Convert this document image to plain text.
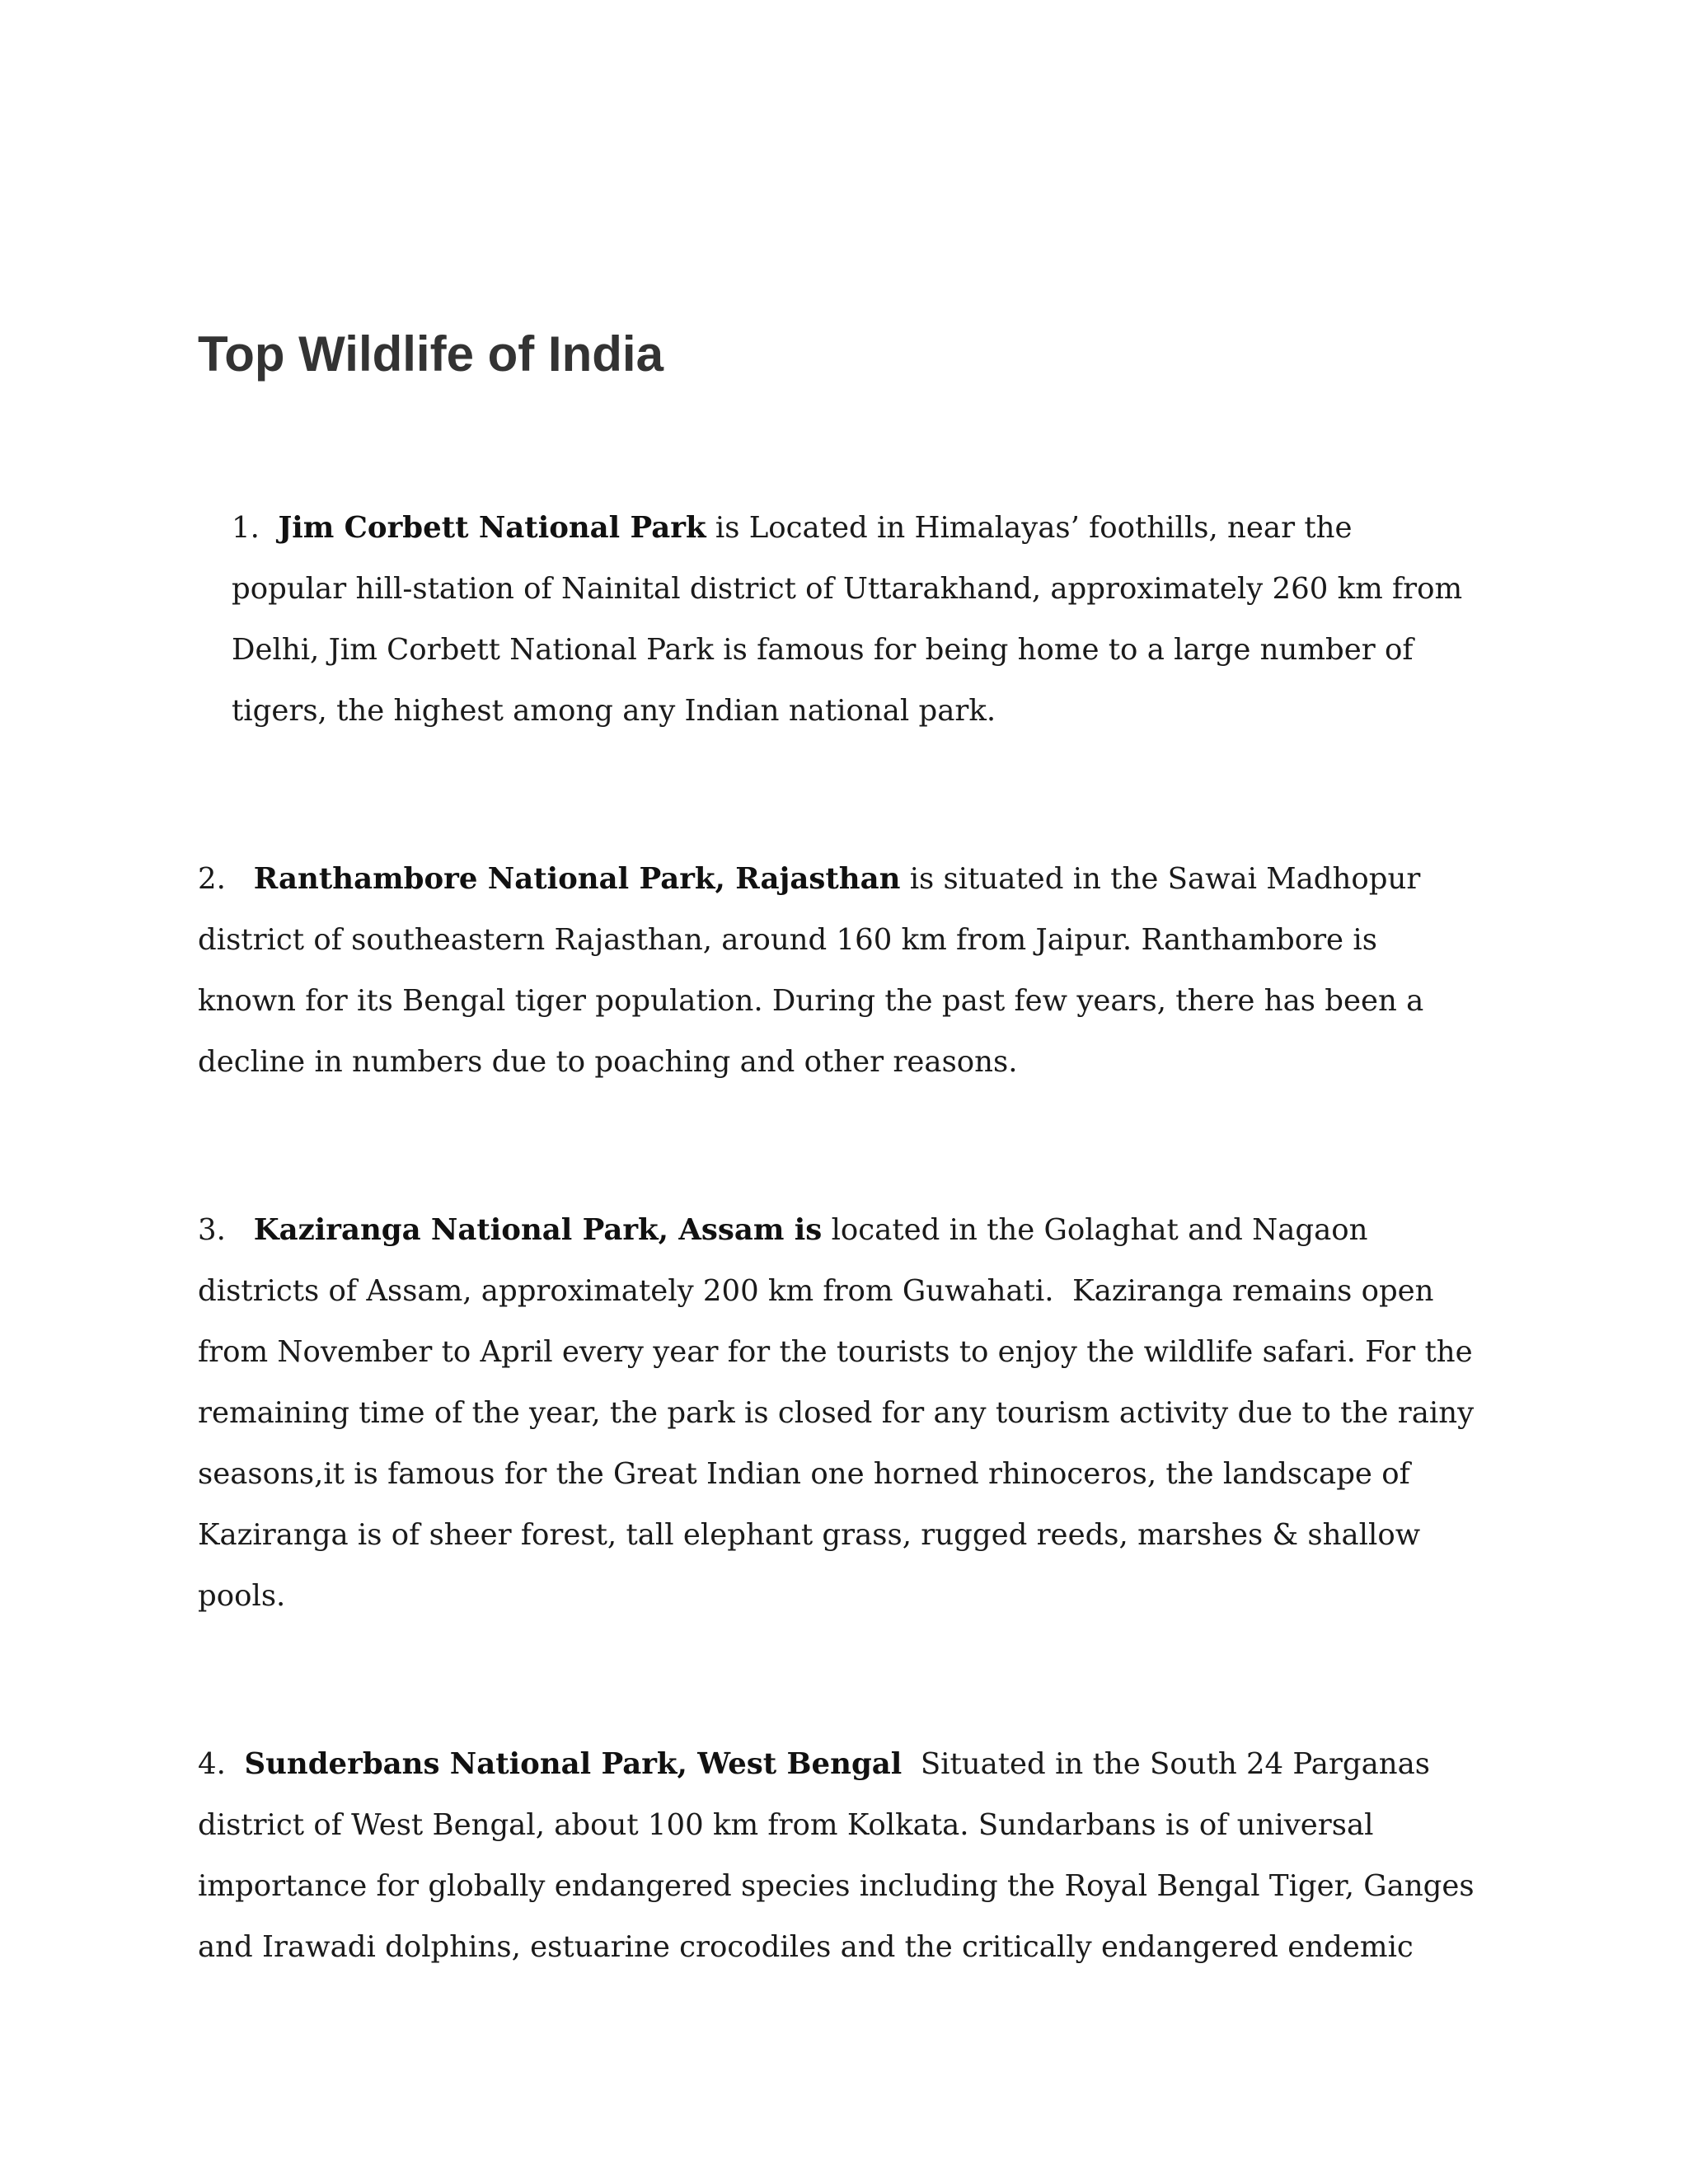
Top Wildlife of India

1. Jim Corbett National Park is Located in Himalayas’ foothills, near the
popular hill-station of Nainital district of Uttarakhand, approximately 260 km from
Delhi, Jim Corbett National Park is famous for being home to a large number of
tigers, the highest among any Indian national park.

2. Ranthambore National Park, Rajasthan is situated in the Sawai Madhopur
district of southeastern Rajasthan, around 160 km from Jaipur. Ranthambore is
known for its Bengal tiger population. During the past few years, there has been a
decline in numbers due to poaching and other reasons.

3. Kaziranga National Park, Assam is located in the Golaghat and Nagaon
districts of Assam, approximately 200 km from Guwahati.  Kaziranga remains open
from November to April every year for the tourists to enjoy the wildlife safari. For the
remaining time of the year, the park is closed for any tourism activity due to the rainy
seasons,it is famous for the Great Indian one horned rhinoceros, the landscape of
Kaziranga is of sheer forest, tall elephant grass, rugged reeds, marshes & shallow
pools.

4. Sunderbans National Park, West Bengal  Situated in the South 24 Parganas
district of West Bengal, about 100 km from Kolkata. Sundarbans is of universal
importance for globally endangered species including the Royal Bengal Tiger, Ganges
and Irawadi dolphins, estuarine crocodiles and the critically endangered endemic
